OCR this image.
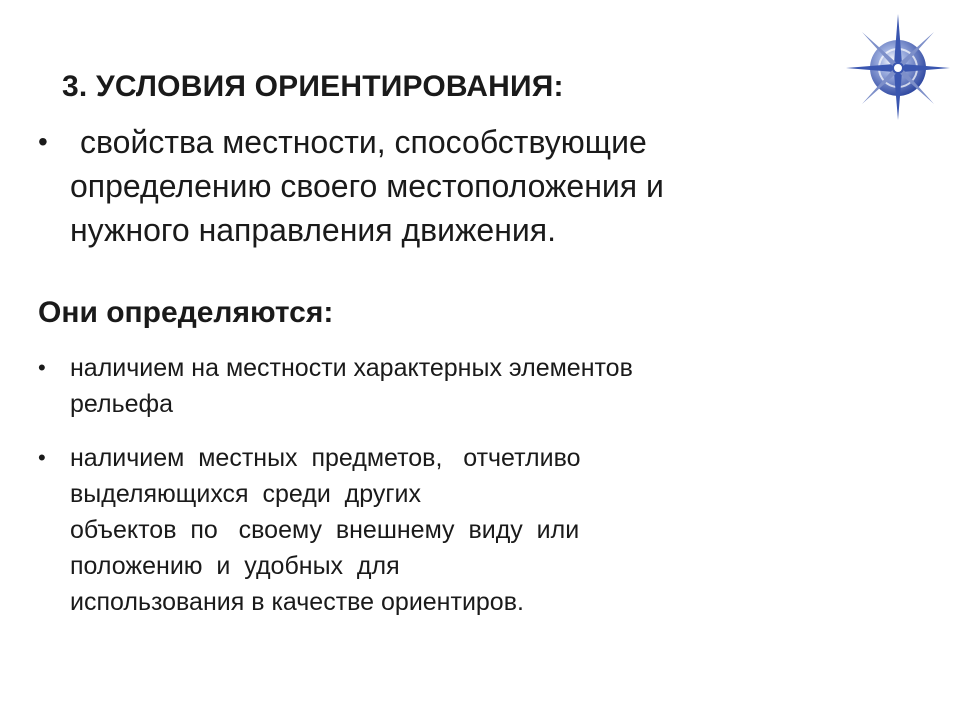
3. УСЛОВИЯ ОРИЕНТИРОВАНИЯ:
•	свойства местности, способствующие
определению своего местоположения и
нужного направления движения.
Они определяются:
• наличием на местности характерных элементов
рельефа
• наличием  местных  предметов,   отчетливо
выделяющихся  среди  других
объектов  по   своему  внешнему  виду  или
положению  и  удобных  для
использования в качестве ориентиров.
